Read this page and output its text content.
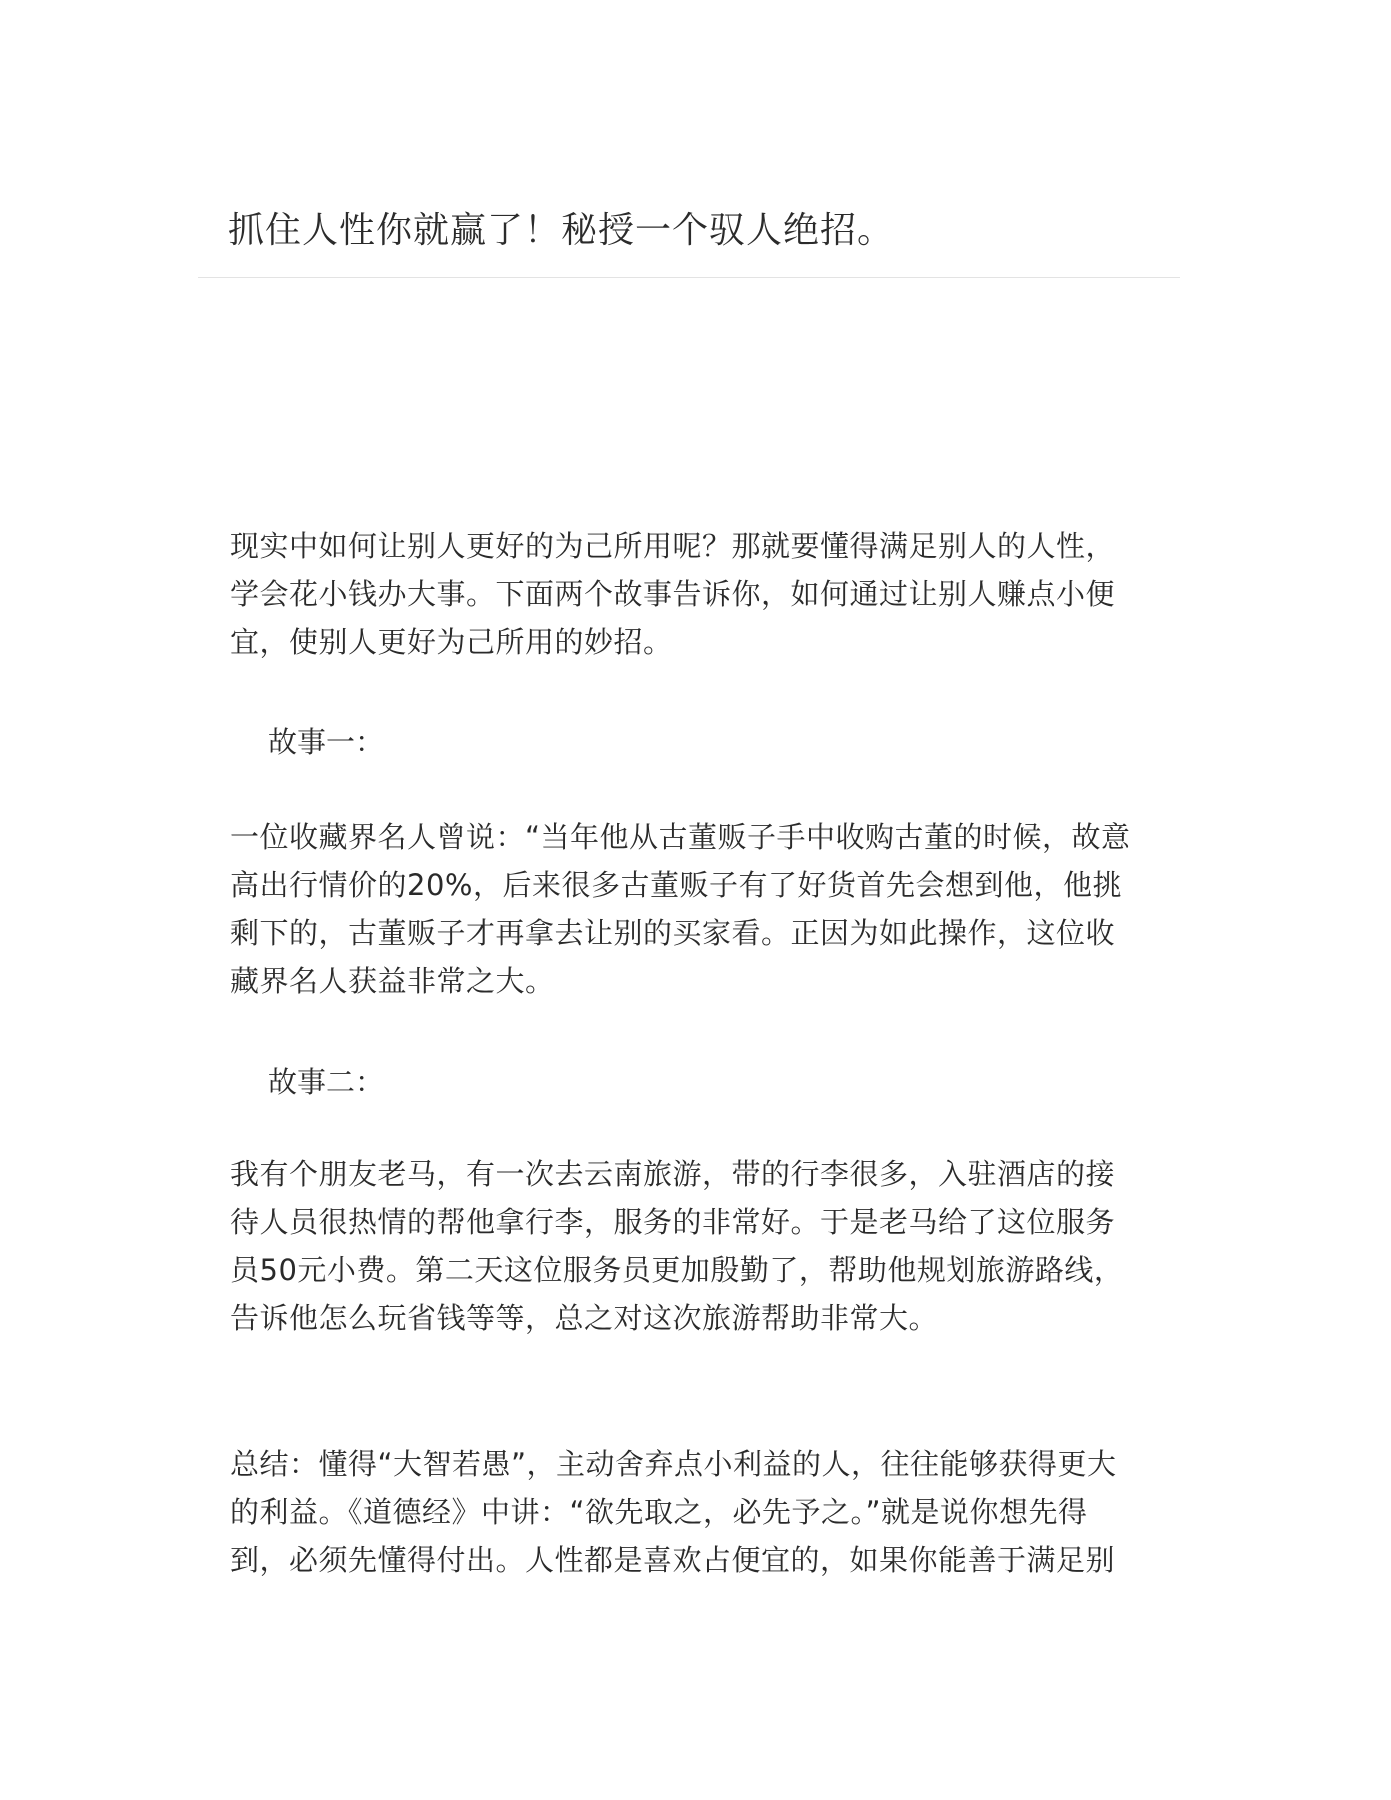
抓住人性你就赢了！秘授一个驭人绝招。
现实中如何让别人更好的为己所用呢？那就要懂得满足别人的人性，
学会花小钱办大事。下面两个故事告诉你，如何通过让别人赚点小便
宜，使别人更好为己所用的妙招。
故事一：
一位收藏界名人曾说：“当年他从古董贩子手中收购古董的时候，故意
高出行情价的20%，后来很多古董贩子有了好货首先会想到他，他挑
剩下的，古董贩子才再拿去让别的买家看。正因为如此操作，这位收
藏界名人获益非常之大。
故事二：
我有个朋友老马，有一次去云南旅游，带的行李很多，入驻酒店的接
待人员很热情的帮他拿行李，服务的非常好。于是老马给了这位服务
员50元小费。第二天这位服务员更加殷勤了，帮助他规划旅游路线，
告诉他怎么玩省钱等等，总之对这次旅游帮助非常大。
总结：懂得“大智若愚”，主动舍弃点小利益的人，往往能够获得更大
的利益。《道德经》中讲：“欲先取之，必先予之。”就是说你想先得
到，必须先懂得付出。人性都是喜欢占便宜的，如果你能善于满足别
